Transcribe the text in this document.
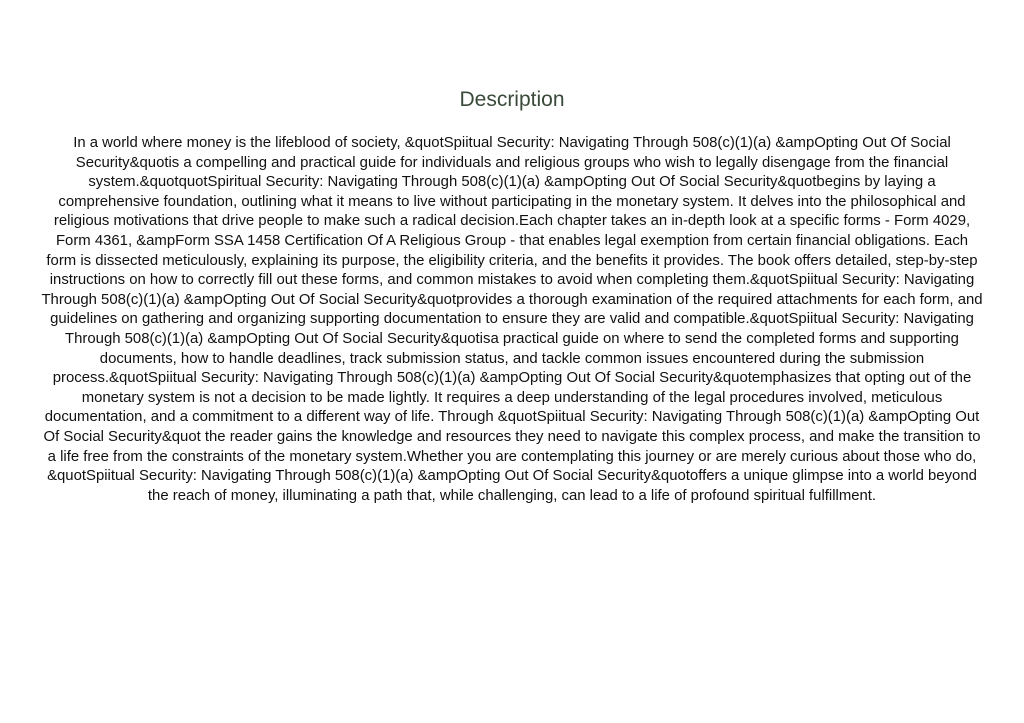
Description

In a world where money is the lifeblood of society, &quotSpiitual Security: Navigating Through 508(c)(1)(a) &ampOpting Out Of Social Security&quotis a compelling and practical guide for individuals and religious groups who wish to legally disengage from the financial system.&quotquotSpiritual Security: Navigating Through 508(c)(1)(a) &ampOpting Out Of Social Security&quotbegins by laying a comprehensive foundation, outlining what it means to live without participating in the monetary system. It delves into the philosophical and religious motivations that drive people to make such a radical decision.Each chapter takes an in-depth look at a specific forms - Form 4029, Form 4361, &ampForm SSA 1458 Certification Of A Religious Group - that enables legal exemption from certain financial obligations. Each form is dissected meticulously, explaining its purpose, the eligibility criteria, and the benefits it provides. The book offers detailed, step-by-step instructions on how to correctly fill out these forms, and common mistakes to avoid when completing them.&quotSpiitual Security: Navigating Through 508(c)(1)(a) &ampOpting Out Of Social Security&quotprovides a thorough examination of the required attachments for each form, and guidelines on gathering and organizing supporting documentation to ensure they are valid and compatible.&quotSpiitual Security: Navigating Through 508(c)(1)(a) &ampOpting Out Of Social Security&quotisa practical guide on where to send the completed forms and supporting documents, how to handle deadlines, track submission status, and tackle common issues encountered during the submission process.&quotSpiitual Security: Navigating Through 508(c)(1)(a) &ampOpting Out Of Social Security&quotemphasizes that opting out of the monetary system is not a decision to be made lightly. It requires a deep understanding of the legal procedures involved, meticulous documentation, and a commitment to a different way of life. Through &quotSpiitual Security: Navigating Through 508(c)(1)(a) &ampOpting Out Of Social Security&quot the reader gains the knowledge and resources they need to navigate this complex process, and make the transition to a life free from the constraints of the monetary system.Whether you are contemplating this journey or are merely curious about those who do, &quotSpiitual Security: Navigating Through 508(c)(1)(a) &ampOpting Out Of Social Security&quotoffers a unique glimpse into a world beyond the reach of money, illuminating a path that, while challenging, can lead to a life of profound spiritual fulfillment.
